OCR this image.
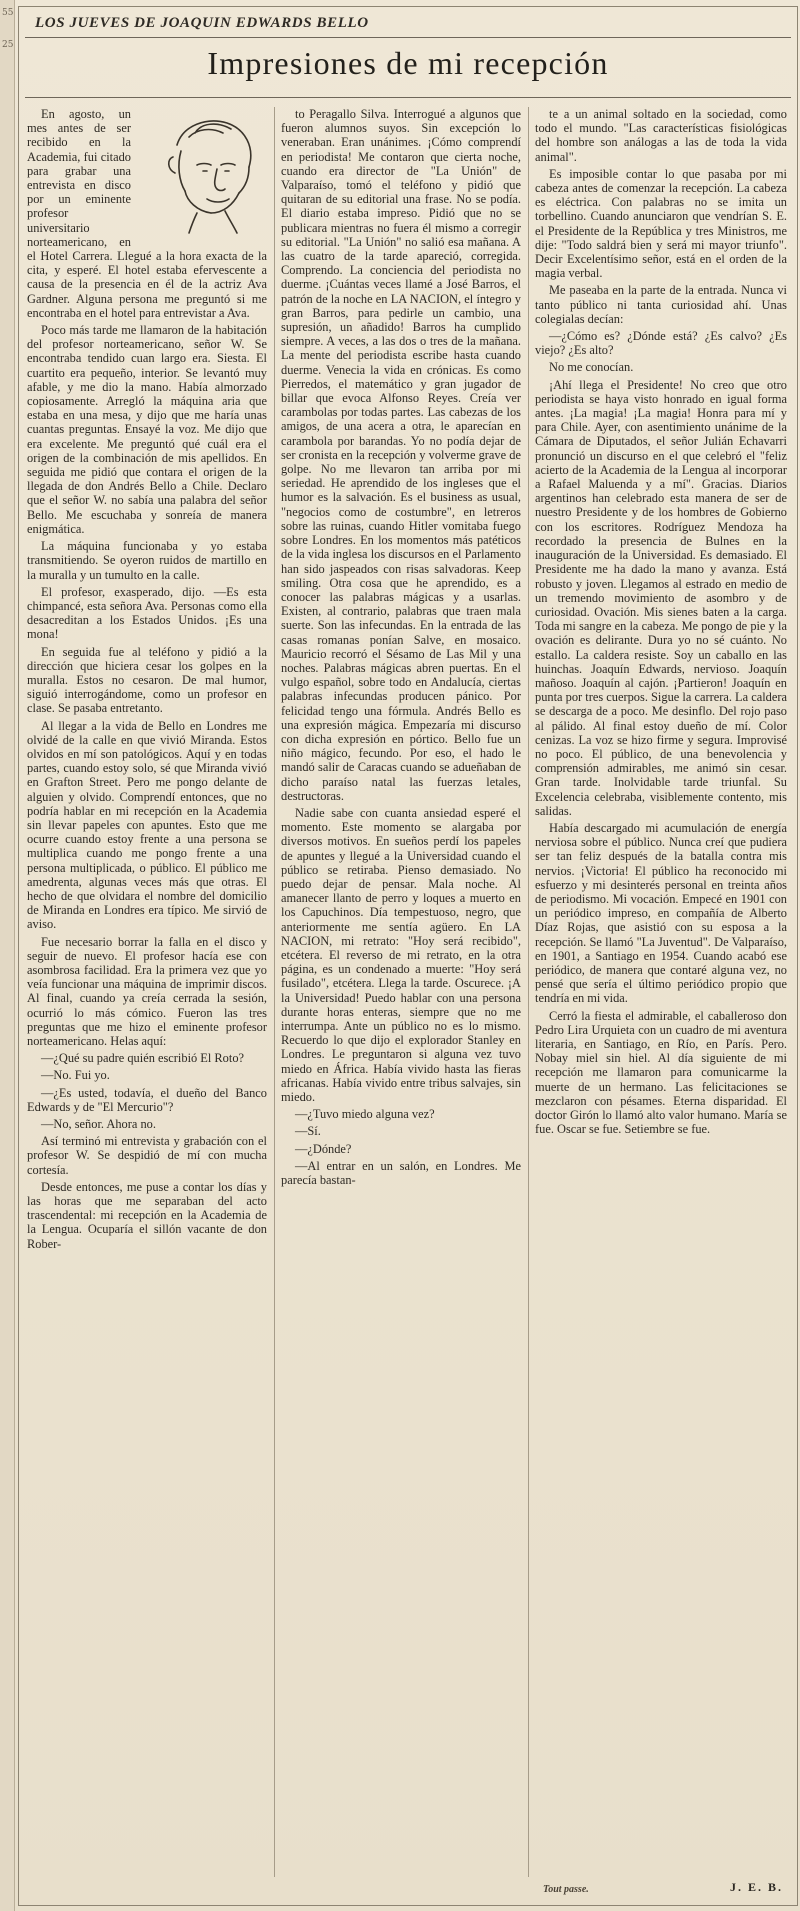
55
25
LOS JUEVES DE JOAQUIN EDWARDS BELLO
Impresiones de mi recepción

En agosto, un mes antes de ser recibido en la Academia, fui citado para grabar una entrevista en disco por un eminente profesor universitario norteamericano, en el Hotel Carrera. Llegué a la hora exacta de la cita, y esperé. El hotel estaba efervescente a causa de la presencia en él de la actriz Ava Gardner. Alguna persona me preguntó si me encontraba en el hotel para entrevistar a Ava.

Poco más tarde me llamaron de la habitación del profesor norteamericano, señor W. Se encontraba tendido cuan largo era. Siesta. El cuartito era pequeño, interior. Se levantó muy afable, y me dio la mano. Había almorzado copiosamente. Arregló la máquina aria que estaba en una mesa, y dijo que me haría unas cuantas preguntas. Ensayé la voz. Me dijo que era excelente. Me preguntó qué cuál era el origen de la combinación de mis apellidos. En seguida me pidió que contara el origen de la llegada de don Andrés Bello a Chile. Declaro que el señor W. no sabía una palabra del señor Bello. Me escuchaba y sonreía de manera enigmática.

La máquina funcionaba y yo estaba transmitiendo. Se oyeron ruidos de martillo en la muralla y un tumulto en la calle.

El profesor, exasperado, dijo. —Es esta chimpancé, esta señora Ava. Personas como ella desacreditan a los Estados Unidos. ¡Es una mona!

En seguida fue al teléfono y pidió a la dirección que hiciera cesar los golpes en la muralla. Estos no cesaron. De mal humor, siguió interrogándome, como un profesor en clase. Se pasaba entretanto.

Al llegar a la vida de Bello en Londres me olvidé de la calle en que vivió Miranda. Estos olvidos en mí son patológicos. Aquí y en todas partes, cuando estoy solo, sé que Miranda vivió en Grafton Street. Pero me pongo delante de alguien y olvido. Comprendí entonces, que no podría hablar en mi recepción en la Academia sin llevar papeles con apuntes. Esto que me ocurre cuando estoy frente a una persona se multiplica cuando me pongo frente a una persona multiplicada, o público. El público me amedrenta, algunas veces más que otras. El hecho de que olvidara el nombre del domicilio de Miranda en Londres era típico. Me sirvió de aviso.

Fue necesario borrar la falla en el disco y seguir de nuevo. El profesor hacía ese con asombrosa facilidad. Era la primera vez que yo veía funcionar una máquina de imprimir discos. Al final, cuando ya creía cerrada la sesión, ocurrió lo más cómico. Fueron las tres preguntas que me hizo el eminente profesor norteamericano. Helas aquí:

—¿Qué su padre quién escribió El Roto?

—No. Fui yo.

—¿Es usted, todavía, el dueño del Banco Edwards y de "El Mercurio"?

—No, señor. Ahora no.

Así terminó mi entrevista y grabación con el profesor W. Se despidió de mí con mucha cortesía.

Desde entonces, me puse a contar los días y las horas que me separaban del acto trascendental: mi recepción en la Academia de la Lengua. Ocuparía el sillón vacante de don Rober-

to Peragallo Silva. Interrogué a algunos que fueron alumnos suyos. Sin excepción lo veneraban. Eran unánimes. ¡Cómo comprendí en periodista! Me contaron que cierta noche, cuando era director de "La Unión" de Valparaíso, tomó el teléfono y pidió que quitaran de su editorial una frase. No se podía. El diario estaba impreso. Pidió que no se publicara mientras no fuera él mismo a corregir su editorial. "La Unión" no salió esa mañana. A las cuatro de la tarde apareció, corregida. Comprendo. La conciencia del periodista no duerme. ¡Cuántas veces llamé a José Barros, el patrón de la noche en LA NACION, el íntegro y gran Barros, para pedirle un cambio, una supresión, un añadido! Barros ha cumplido siempre. A veces, a las dos o tres de la mañana. La mente del periodista escribe hasta cuando duerme. Venecia la vida en crónicas. Es como Pierredos, el matemático y gran jugador de billar que evoca Alfonso Reyes. Creía ver carambolas por todas partes. Las cabezas de los amigos, de una acera a otra, le aparecían en carambola por barandas. Yo no podía dejar de ser cronista en la recepción y volverme grave de golpe. No me llevaron tan arriba por mi seriedad. He aprendido de los ingleses que el humor es la salvación. Es el business as usual, "negocios como de costumbre", en letreros sobre las ruinas, cuando Hitler vomitaba fuego sobre Londres. En los momentos más patéticos de la vida inglesa los discursos en el Parlamento han sido jaspeados con risas salvadoras. Keep smiling. Otra cosa que he aprendido, es a conocer las palabras mágicas y a usarlas. Existen, al contrario, palabras que traen mala suerte. Son las infecundas. En la entrada de las casas romanas ponían Salve, en mosaico. Mauricio recorró el Sésamo de Las Mil y una noches. Palabras mágicas abren puertas. En el vulgo español, sobre todo en Andalucía, ciertas palabras infecundas producen pánico. Por felicidad tengo una fórmula. Andrés Bello es una expresión mágica. Empezaría mi discurso con dicha expresión en pórtico. Bello fue un niño mágico, fecundo. Por eso, el hado le mandó salir de Caracas cuando se adueñaban de dicho paraíso natal las fuerzas letales, destructoras.

Nadie sabe con cuanta ansiedad esperé el momento. Este momento se alargaba por diversos motivos. En sueños perdí los papeles de apuntes y llegué a la Universidad cuando el público se retiraba. Pienso demasiado. No puedo dejar de pensar. Mala noche. Al amanecer llanto de perro y loques a muerto en los Capuchinos. Día tempestuoso, negro, que anteriormente me sentía agüero. En LA NACION, mi retrato: "Hoy será recibido", etcétera. El reverso de mi retrato, en la otra página, es un condenado a muerte: "Hoy será fusilado", etcétera. Llega la tarde. Oscurece. ¡A la Universidad! Puedo hablar con una persona durante horas enteras, siempre que no me interrumpa. Ante un público no es lo mismo. Recuerdo lo que dijo el explorador Stanley en Londres. Le preguntaron si alguna vez tuvo miedo en África. Había vivido hasta las fieras africanas. Había vivido entre tribus salvajes, sin miedo.

—¿Tuvo miedo alguna vez?

—Sí.

—¿Dónde?

—Al entrar en un salón, en Londres. Me parecía bastan-

te a un animal soltado en la sociedad, como todo el mundo. "Las características fisiológicas del hombre son análogas a las de toda la vida animal".

Es imposible contar lo que pasaba por mi cabeza antes de comenzar la recepción. La cabeza es eléctrica. Con palabras no se imita un torbellino. Cuando anunciaron que vendrían S. E. el Presidente de la República y tres Ministros, me dije: "Todo saldrá bien y será mi mayor triunfo". Decir Excelentísimo señor, está en el orden de la magia verbal.

Me paseaba en la parte de la entrada. Nunca vi tanto público ni tanta curiosidad ahí. Unas colegialas decían:

—¿Cómo es? ¿Dónde está? ¿Es calvo? ¿Es viejo? ¿Es alto?

No me conocían.

¡Ahí llega el Presidente! No creo que otro periodista se haya visto honrado en igual forma antes. ¡La magia! ¡La magia! Honra para mí y para Chile. Ayer, con asentimiento unánime de la Cámara de Diputados, el señor Julián Echavarri pronunció un discurso en el que celebró el "feliz acierto de la Academia de la Lengua al incorporar a Rafael Maluenda y a mí". Gracias. Diarios argentinos han celebrado esta manera de ser de nuestro Presidente y de los hombres de Gobierno con los escritores. Rodríguez Mendoza ha recordado la presencia de Bulnes en la inauguración de la Universidad. Es demasiado. El Presidente me ha dado la mano y avanza. Está robusto y joven. Llegamos al estrado en medio de un tremendo movimiento de asombro y de curiosidad. Ovación. Mis sienes baten a la carga. Toda mi sangre en la cabeza. Me pongo de pie y la ovación es delirante. Dura yo no sé cuánto. No estallo. La caldera resiste. Soy un caballo en las huinchas. Joaquín Edwards, nervioso. Joaquín mañoso. Joaquín al cajón. ¡Partieron! Joaquín en punta por tres cuerpos. Sigue la carrera. La caldera se descarga de a poco. Me desinflo. Del rojo paso al pálido. Al final estoy dueño de mí. Color cenizas. La voz se hizo firme y segura. Improvisé no poco. El público, de una benevolencia y comprensión admirables, me animó sin cesar. Gran tarde. Inolvidable tarde triunfal. Su Excelencia celebraba, visiblemente contento, mis salidas.

Había descargado mi acumulación de energía nerviosa sobre el público. Nunca creí que pudiera ser tan feliz después de la batalla contra mis nervios. ¡Victoria! El público ha reconocido mi esfuerzo y mi desinterés personal en treinta años de periodismo. Mi vocación. Empecé en 1901 con un periódico impreso, en compañía de Alberto Díaz Rojas, que asistió con su esposa a la recepción. Se llamó "La Juventud". De Valparaíso, en 1901, a Santiago en 1954. Cuando acabó ese periódico, de manera que contaré alguna vez, no pensé que sería el último periódico propio que tendría en mi vida.

Cerró la fiesta el admirable, el caballeroso don Pedro Lira Urquieta con un cuadro de mi aventura literaria, en Santiago, en Río, en París. Pero. Nobay miel sin hiel. Al día siguiente de mi recepción me llamaron para comunicarme la muerte de un hermano. Las felicitaciones se mezclaron con pésames. Eterna disparidad. El doctor Girón lo llamó alto valor humano. María se fue. Oscar se fue. Setiembre se fue.

Tout passe.	J. E. B.
